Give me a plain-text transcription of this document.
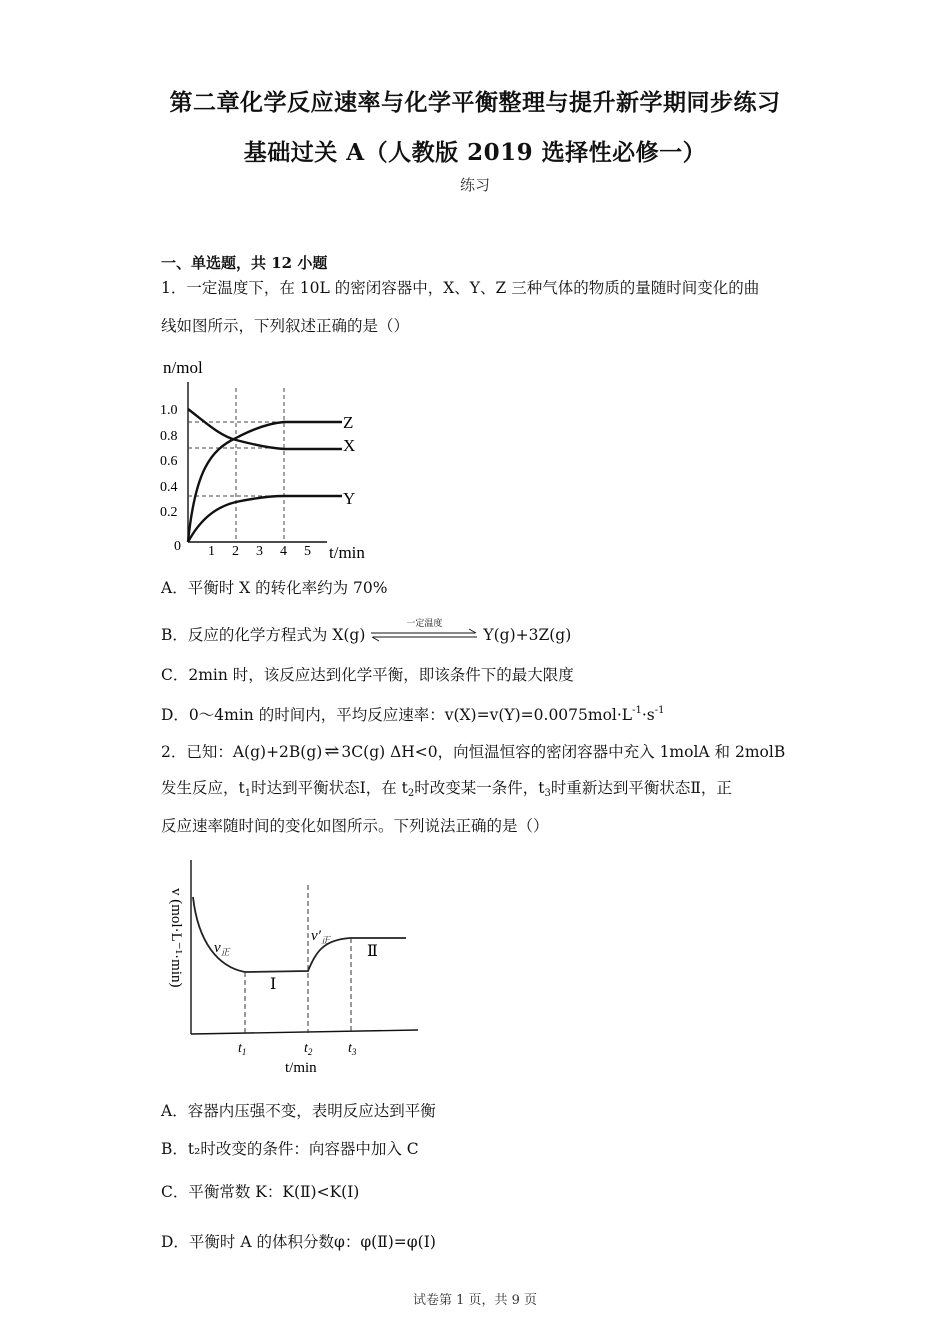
第二章化学反应速率与化学平衡整理与提升新学期同步练习
基础过关 A（人教版 2019 选择性必修一）
练习
一、单选题，共 12 小题
1．一定温度下，在 10L 的密闭容器中，X、Y、Z 三种气体的物质的量随时间变化的曲
线如图所示，下列叙述正确的是（）
n/mol
0
1.0
0.8
0.6
0.4
0.2
1 2 3 4 5 t/min
Z
X
Y
A．平衡时 X 的转化率约为 70%
B．反应的化学方程式为 X(g)
一定温度
Y(g)+3Z(g)
C．2min 时，该反应达到化学平衡，即该条件下的最大限度
D．0～4min 的时间内，平均反应速率：$v(X)=v(Y)=0.0075mol\cdot L^{-1}\cdot s^{-1}$
2．已知：A(g)+2B(g) ⇌ 3C(g) ΔH<0，向恒温恒容的密闭容器中充入 1molA 和 2molB
发生反应，$t_1$时达到平衡状态Ⅰ，在 $t_2$时改变某一条件，$t_3$时重新达到平衡状态Ⅱ，正
反应速率随时间的变化如图所示。下列说法正确的是（）
v (mol·L⁻¹·min) $v_正$
$v'_正$
Ⅰ
Ⅱ
$t_1$	$t_2$	$t_3$
t/min
A．容器内压强不变，表明反应达到平衡
B．t₂时改变的条件：向容器中加入 C
C．平衡常数 K：K(Ⅱ)<K(Ⅰ)
D．平衡时 A 的体积分数φ：φ(Ⅱ)=φ(Ⅰ)
试卷第 1 页，共 9 页
